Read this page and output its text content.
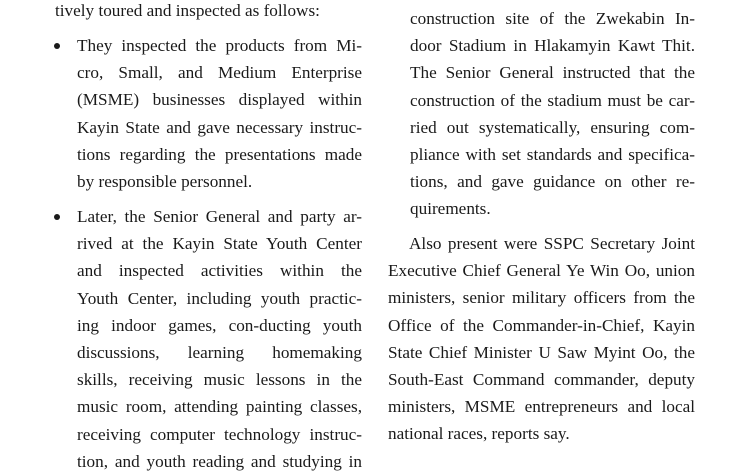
tively toured and inspected as follows:
They inspected the products from Mi-
cro, Small, and Medium Enterprise
(MSME) businesses displayed within
Kayin State and gave necessary instruc-
tions regarding the presentations made
by responsible personnel.
Later, the Senior General and party ar-
rived at the Kayin State Youth Center
and inspected activities within the
Youth Center, including youth practic-
ing indoor games, con-ducting youth
discussions, learning homemaking
skills, receiving music lessons in the
music room, attending painting classes,
receiving computer technology instruc-
tion, and youth reading and studying in
construction site of the Zwekabin In-
door Stadium in Hlakamyin Kawt Thit.
The Senior General instructed that the
construction of the stadium must be car-
ried out systematically, ensuring com-
pliance with set standards and specifica-
tions, and gave guidance on other re-
quirements.
Also present were SSPC Secretary Joint
Executive Chief General Ye Win Oo, union
ministers, senior military officers from the
Office of the Commander-in-Chief, Kayin
State Chief Minister U Saw Myint Oo, the
South-East Command commander, deputy
ministers, MSME entrepreneurs and local
national races, reports say.
